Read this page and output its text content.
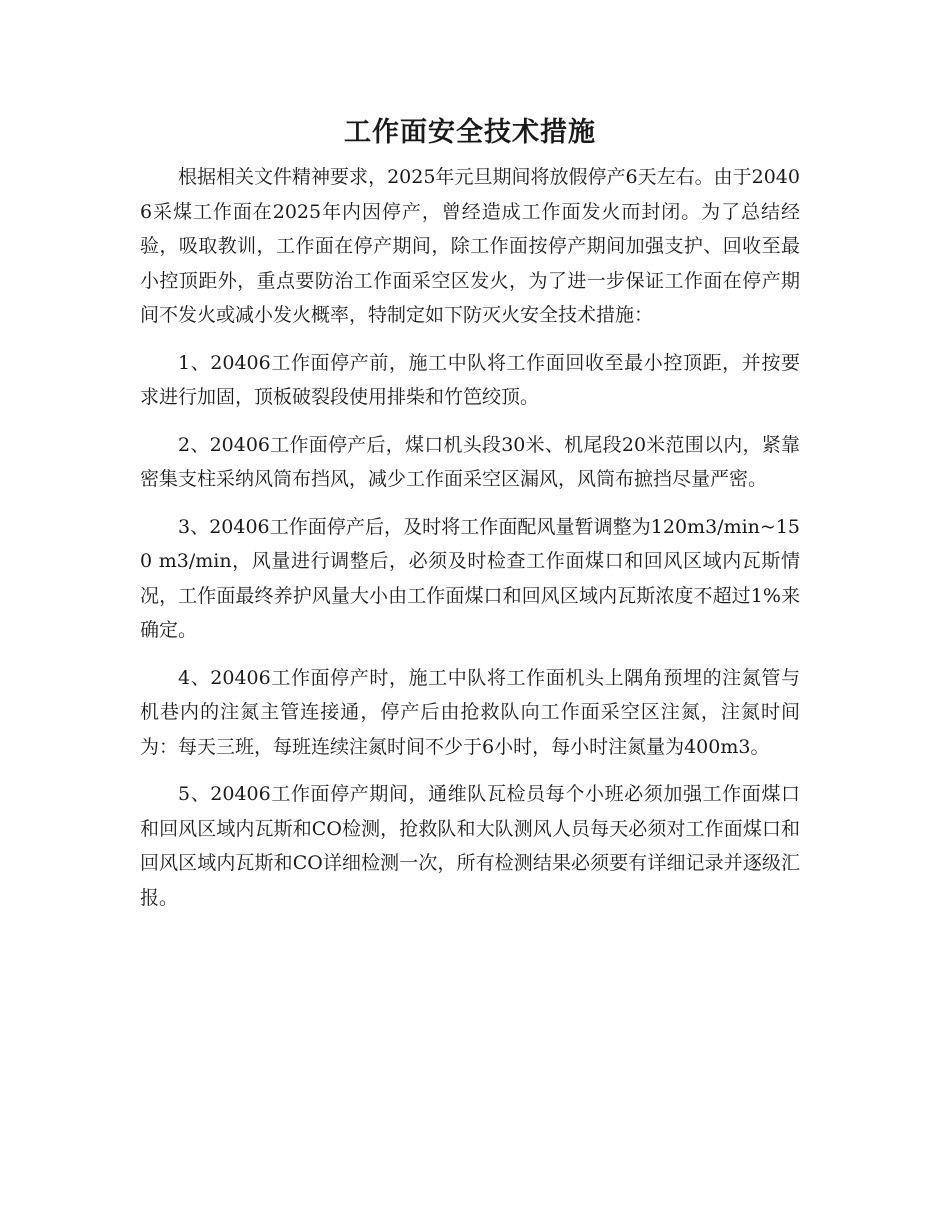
工作面安全技术措施

根据相关文件精神要求，2025年元旦期间将放假停产6天左右。由于20406采煤工作面在2025年内因停产，曾经造成工作面发火而封闭。为了总结经验，吸取教训，工作面在停产期间，除工作面按停产期间加强支护、回收至最小控顶距外，重点要防治工作面采空区发火，为了进一步保证工作面在停产期间不发火或减小发火概率，特制定如下防灭火安全技术措施：

1、20406工作面停产前，施工中队将工作面回收至最小控顶距，并按要求进行加固，顶板破裂段使用排柴和竹笆绞顶。

2、20406工作面停产后，煤口机头段30米、机尾段20米范围以内，紧靠密集支柱采纳风筒布挡风，减少工作面采空区漏风，风筒布摭挡尽量严密。

3、20406工作面停产后，及时将工作面配风量暂调整为120m3/min~150 m3/min，风量进行调整后，必须及时检查工作面煤口和回风区域内瓦斯情况，工作面最终养护风量大小由工作面煤口和回风区域内瓦斯浓度不超过1%来确定。

4、20406工作面停产时，施工中队将工作面机头上隅角预埋的注氮管与机巷内的注氮主管连接通，停产后由抢救队向工作面采空区注氮，注氮时间为：每天三班，每班连续注氮时间不少于6小时，每小时注氮量为400m3。

5、20406工作面停产期间，通维队瓦检员每个小班必须加强工作面煤口和回风区域内瓦斯和CO检测，抢救队和大队测风人员每天必须对工作面煤口和回风区域内瓦斯和CO详细检测一次，所有检测结果必须要有详细记录并逐级汇报。
